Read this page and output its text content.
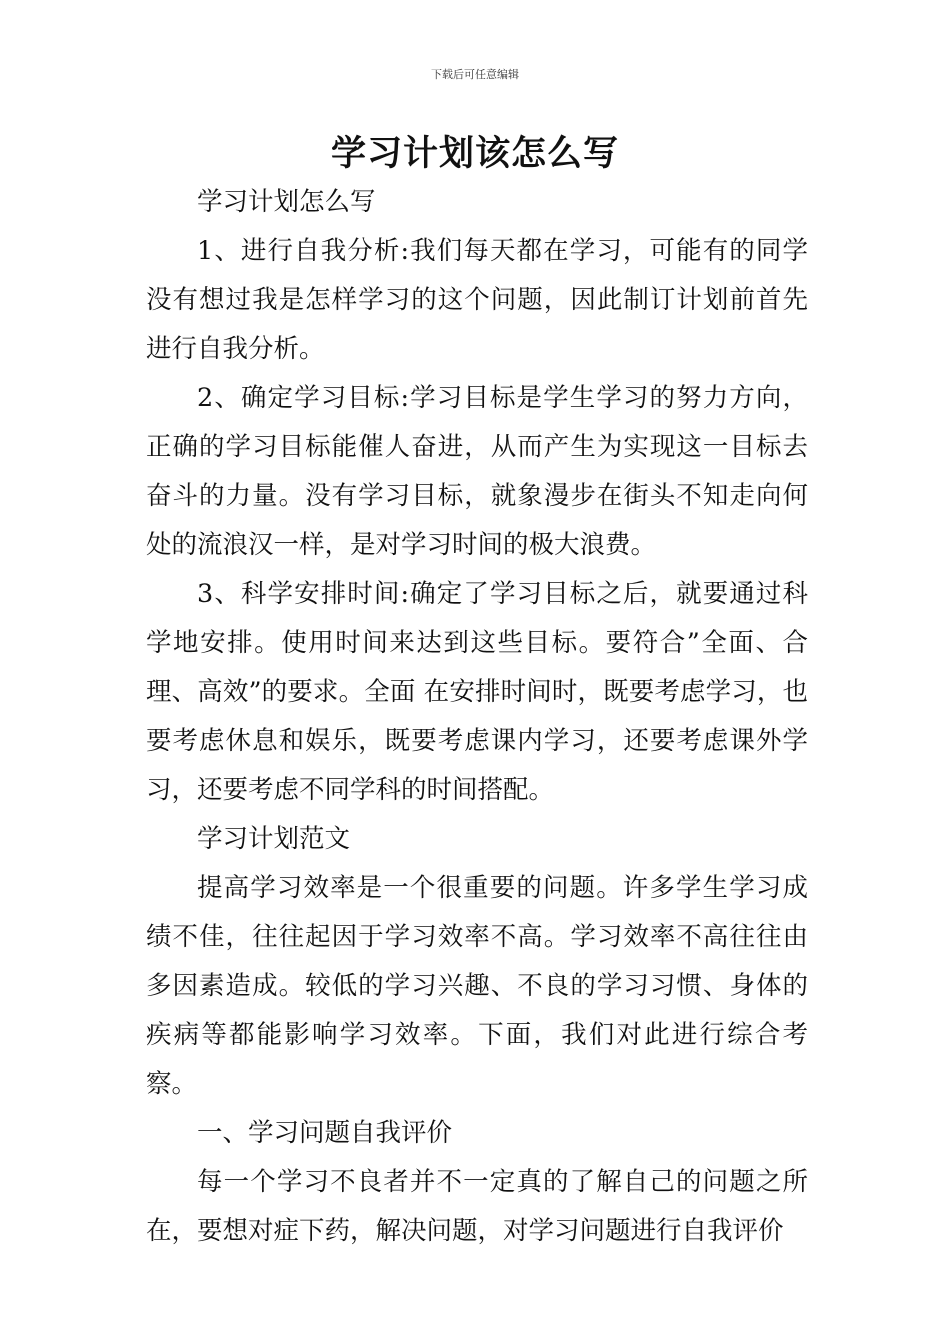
下载后可任意编辑
学习计划该怎么写

学习计划怎么写

1、进行自我分析:我们每天都在学习，可能有的同学没有想过我是怎样学习的这个问题，因此制订计划前首先进行自我分析。

2、确定学习目标:学习目标是学生学习的努力方向，正确的学习目标能催人奋进，从而产生为实现这一目标去奋斗的力量。没有学习目标，就象漫步在街头不知走向何处的流浪汉一样，是对学习时间的极大浪费。

3、科学安排时间:确定了学习目标之后，就要通过科学地安排。使用时间来达到这些目标。要符合”全面、合理、高效”的要求。全面 在安排时间时，既要考虑学习，也要考虑休息和娱乐，既要考虑课内学习，还要考虑课外学习，还要考虑不同学科的时间搭配。

学习计划范文

提高学习效率是一个很重要的问题。许多学生学习成绩不佳，往往起因于学习效率不高。学习效率不高往往由多因素造成。较低的学习兴趣、不良的学习习惯、身体的疾病等都能影响学习效率。下面，我们对此进行综合考察。

一、学习问题自我评价

每一个学习不良者并不一定真的了解自己的问题之所在，要想对症下药，解决问题，对学习问题进行自我评价
